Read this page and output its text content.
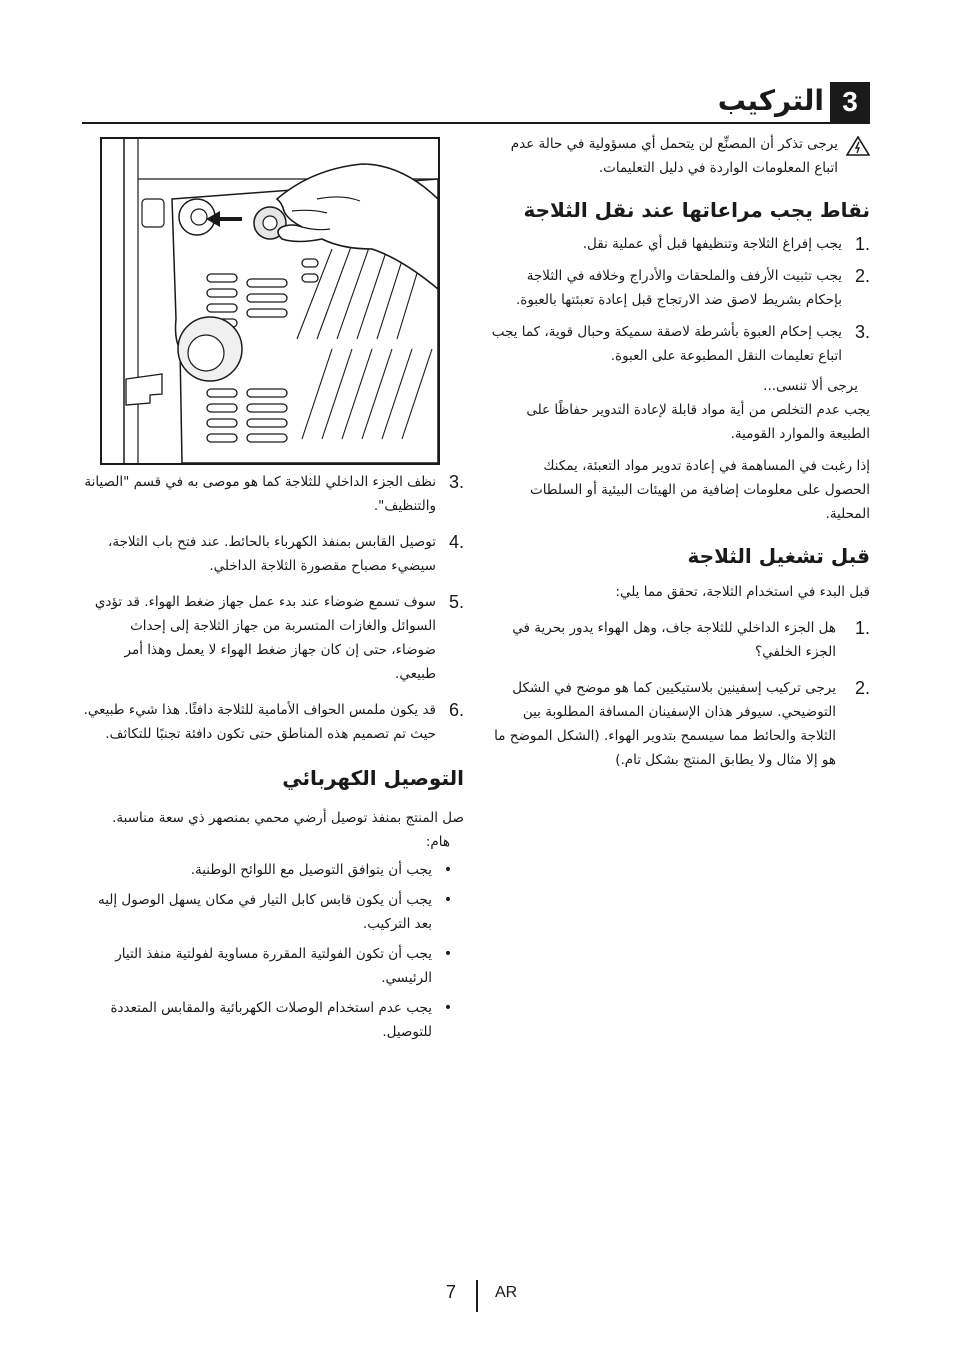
3
التركيب

يرجى تذكر أن المصنِّع لن يتحمل أي مسؤولية في حالة عدم اتباع المعلومات الواردة في دليل التعليمات.

نقاط يجب مراعاتها عند نقل الثلاجة
1.

يجب إفراغ الثلاجة وتنظيفها قبل أي عملية نقل.

2.

يجب تثبيت الأرفف والملحقات والأدراج وخلافه في الثلاجة بإحكام بشريط لاصق ضد الارتجاج قبل إعادة تعبئتها بالعبوة.

3.

يجب إحكام العبوة بأشرطة لاصقة سميكة وحبال قوية، كما يجب اتباع تعليمات النقل المطبوعة على العبوة.

يرجى ألا تنسى...

يجب عدم التخلص من أية مواد قابلة لإعادة التدوير حفاظًا على الطبيعة والموارد القومية.

إذا رغبت في المساهمة في إعادة تدوير مواد التعبئة، يمكنك الحصول على معلومات إضافية من الهيئات البيئية أو السلطات المحلية.

قبل تشغيل الثلاجة

قبل البدء في استخدام الثلاجة، تحقق مما يلي:

1.

هل الجزء الداخلي للثلاجة جاف، وهل الهواء يدور بحرية في الجزء الخلفي؟

2.

يرجى تركيب إسفينين بلاستيكيين كما هو موضح في الشكل التوضيحي. سيوفر هذان الإسفينان المسافة المطلوبة بين الثلاجة والحائط مما سيسمح بتدوير الهواء. (الشكل الموضح ما هو إلا مثال ولا يطابق المنتج بشكل تام.)

3.

نظف الجزء الداخلي للثلاجة كما هو موصى به في قسم "الصيانة والتنظيف".

4.

توصيل القابس بمنفذ الكهرباء بالحائط. عند فتح باب الثلاجة، سيضيء مصباح مقصورة الثلاجة الداخلي.

5.

سوف تسمع ضوضاء عند بدء عمل جهاز ضغط الهواء. قد تؤدي السوائل والغازات المتسربة من جهاز الثلاجة إلى إحداث ضوضاء، حتى إن كان جهاز ضغط الهواء لا يعمل وهذا أمر طبيعي.

6.

قد يكون ملمس الحواف الأمامية للثلاجة دافئًا. هذا شيء طبيعي. حيث تم تصميم هذه المناطق حتى تكون دافئة تجنبًا للتكاثف.

التوصيل الكهربائي

صل المنتج بمنفذ توصيل أرضي محمي بمنصهر ذي سعة مناسبة.

هام:

•

يجب أن يتوافق التوصيل مع اللوائح الوطنية.

•

يجب أن يكون قابس كابل التيار في مكان يسهل الوصول إليه بعد التركيب.

•

يجب أن تكون الفولتية المقررة مساوية لفولتية منفذ التيار الرئيسي.

•

يجب عدم استخدام الوصلات الكهربائية والمقابس المتعددة للتوصيل.

7 AR
